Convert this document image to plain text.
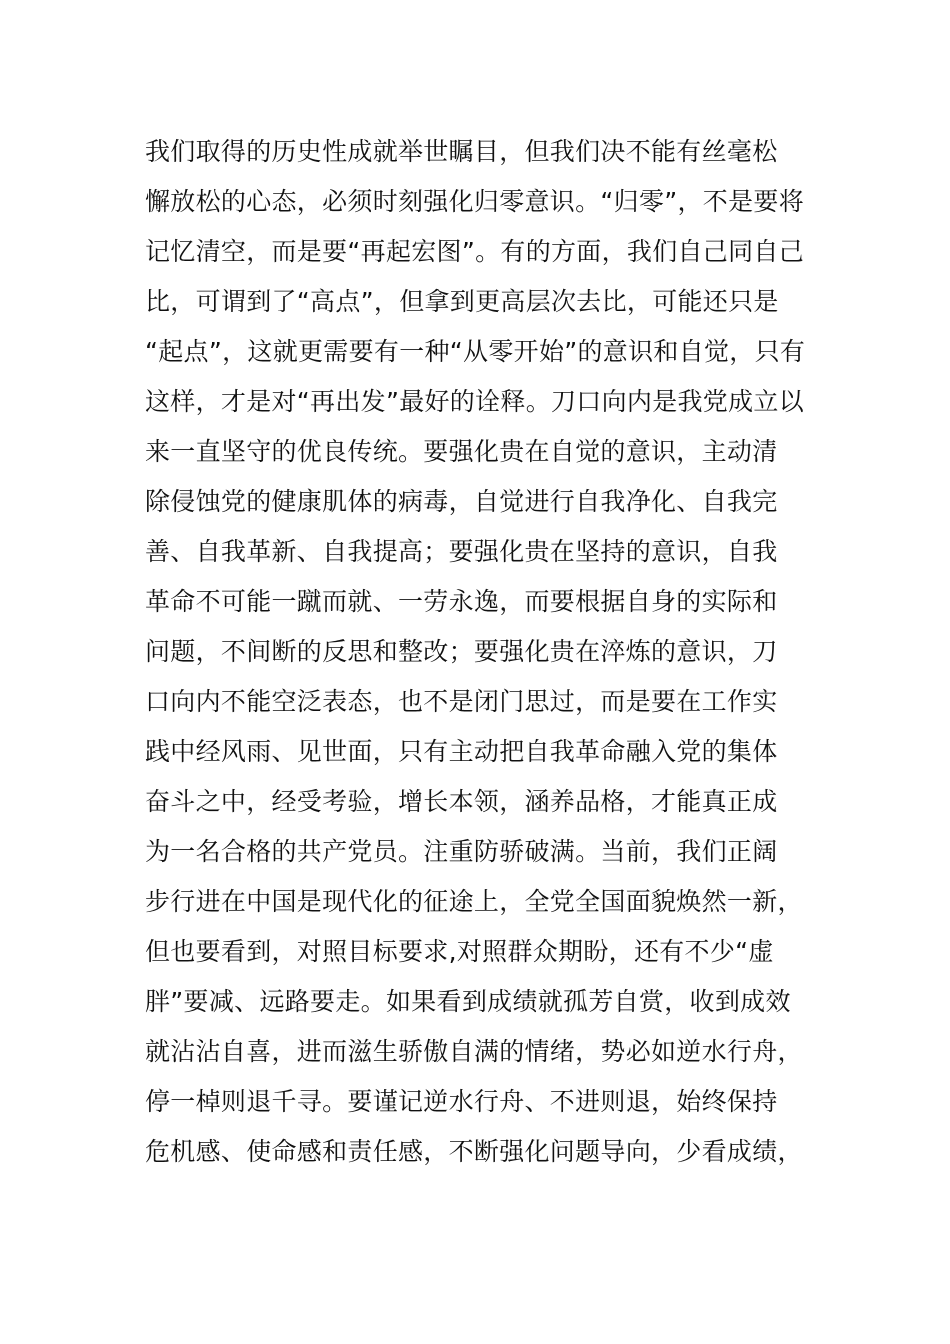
我们取得的历史性成就举世瞩目，但我们决不能有丝毫松
懈放松的心态，必须时刻强化归零意识。“归零”，不是要将
记忆清空，而是要“再起宏图”。有的方面，我们自己同自己
比，可谓到了“高点”，但拿到更高层次去比，可能还只是
“起点”，这就更需要有一种“从零开始”的意识和自觉，只有
这样，才是对“再出发”最好的诠释。刀口向内是我党成立以
来一直坚守的优良传统。要强化贵在自觉的意识，主动清
除侵蚀党的健康肌体的病毒，自觉进行自我净化、自我完
善、自我革新、自我提高；要强化贵在坚持的意识，自我
革命不可能一蹴而就、一劳永逸，而要根据自身的实际和
问题，不间断的反思和整改；要强化贵在淬炼的意识，刀
口向内不能空泛表态，也不是闭门思过，而是要在工作实
践中经风雨、见世面，只有主动把自我革命融入党的集体
奋斗之中，经受考验，增长本领，涵养品格，才能真正成
为一名合格的共产党员。注重防骄破满。当前，我们正阔
步行进在中国是现代化的征途上，全党全国面貌焕然一新，
但也要看到，对照目标要求,对照群众期盼，还有不少“虚
胖”要减、远路要走。如果看到成绩就孤芳自赏，收到成效
就沾沾自喜，进而滋生骄傲自满的情绪，势必如逆水行舟，
停一棹则退千寻。要谨记逆水行舟、不进则退，始终保持
危机感、使命感和责任感，不断强化问题导向，少看成绩，
